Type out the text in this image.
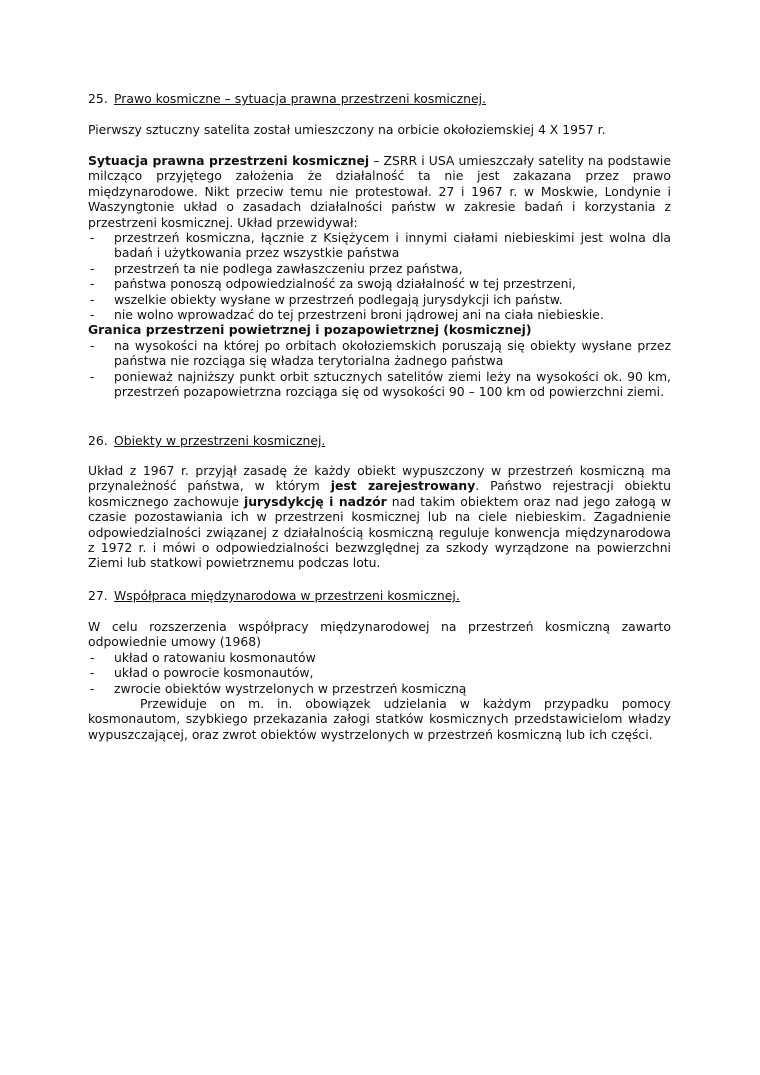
25. Prawo kosmiczne – sytuacja prawna przestrzeni kosmicznej.

Pierwszy sztuczny satelita został umieszczony na orbicie okołoziemskiej 4 X 1957 r.

Sytuacja prawna przestrzeni kosmicznej – ZSRR i USA umieszczały satelity na podstawie milcząco przyjętego założenia że działalność ta nie jest zakazana przez prawo międzynarodowe. Nikt przeciw temu nie protestował. 27 i 1967 r. w Moskwie, Londynie i Waszyngtonie układ o zasadach działalności państw w zakresie badań i korzystania z przestrzeni kosmicznej. Układ przewidywał:

- przestrzeń kosmiczna, łącznie z Księżycem i innymi ciałami niebieskimi jest wolna dla badań i użytkowania przez wszystkie państwa
- przestrzeń ta nie podlega zawłaszczeniu przez państwa,
- państwa ponoszą odpowiedzialność za swoją działalność w tej przestrzeni,
- wszelkie obiekty wysłane w przestrzeń podlegają jurysdykcji ich państw.
- nie wolno wprowadzać do tej przestrzeni broni jądrowej ani na ciała niebieskie.

Granica przestrzeni powietrznej i pozapowietrznej (kosmicznej)

- na wysokości na której po orbitach okołoziemskich poruszają się obiekty wysłane przez państwa nie rozciąga się władza terytorialna żadnego państwa
- ponieważ najniższy punkt orbit sztucznych satelitów ziemi leży na wysokości ok. 90 km, przestrzeń pozapowietrzna rozciąga się od wysokości 90 – 100 km od powierzchni ziemi.
26. Obiekty w przestrzeni kosmicznej.

Układ z 1967 r. przyjął zasadę że każdy obiekt wypuszczony w przestrzeń kosmiczną ma przynależność państwa, w którym jest zarejestrowany. Państwo rejestracji obiektu kosmicznego zachowuje jurysdykcję i nadzór nad takim obiektem oraz nad jego załogą w czasie pozostawiania ich w przestrzeni kosmicznej lub na ciele niebieskim. Zagadnienie odpowiedzialności związanej z działalnością kosmiczną reguluje konwencja międzynarodowa z 1972 r. i mówi o odpowiedzialności bezwzględnej za szkody wyrządzone na powierzchni Ziemi lub statkowi powietrznemu podczas lotu.

27. Współpraca międzynarodowa w przestrzeni kosmicznej.

W celu rozszerzenia współpracy międzynarodowej na przestrzeń kosmiczną zawarto odpowiednie umowy (1968)

- układ o ratowaniu kosmonautów
- układ o powrocie kosmonautów,
- zwrocie obiektów wystrzelonych w przestrzeń kosmiczną

Przewiduje on m. in. obowiązek udzielania w każdym przypadku pomocy kosmonautom, szybkiego przekazania załogi statków kosmicznych przedstawicielom władzy wypuszczającej, oraz zwrot obiektów wystrzelonych w przestrzeń kosmiczną lub ich części.
